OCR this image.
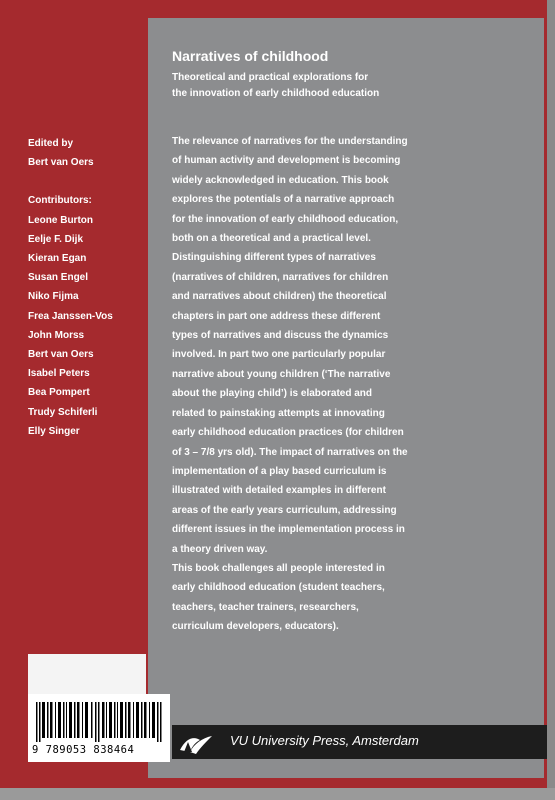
Narratives of childhood
Theoretical and practical explorations for
the innovation of early childhood education

The relevance of narratives for the understanding

of human activity and development is becoming

widely acknowledged in education. This book

explores the potentials of a narrative approach

for the innovation of early childhood education,

both on a theoretical and a practical level.

Distinguishing different types of narratives

(narratives of children, narratives for children

and narratives about children) the theoretical

chapters in part one address these different

types of narratives and discuss the dynamics

involved. In part two one particularly popular

narrative about young children (‘The narrative

about the playing child’) is elaborated and

related to painstaking attempts at innovating

early childhood education practices (for children

of 3 – 7/8 yrs old). The impact of narratives on the

implementation of a play based curriculum is

illustrated with detailed examples in different

areas of the early years curriculum, addressing

different issues in the implementation process in

a theory driven way.

This book challenges all people interested in

early childhood education (student teachers,

teachers, teacher trainers, researchers,

curriculum developers, educators).

Edited by
Bert van Oers
Contributors:
Leone Burton
Eelje F. Dijk
Kieran Egan
Susan Engel
Niko Fijma
Frea Janssen-Vos
John Morss
Bert van Oers
Isabel Peters
Bea Pompert
Trudy Schiferli
Elly Singer
9 789053 838464
VU University Press, Amsterdam
